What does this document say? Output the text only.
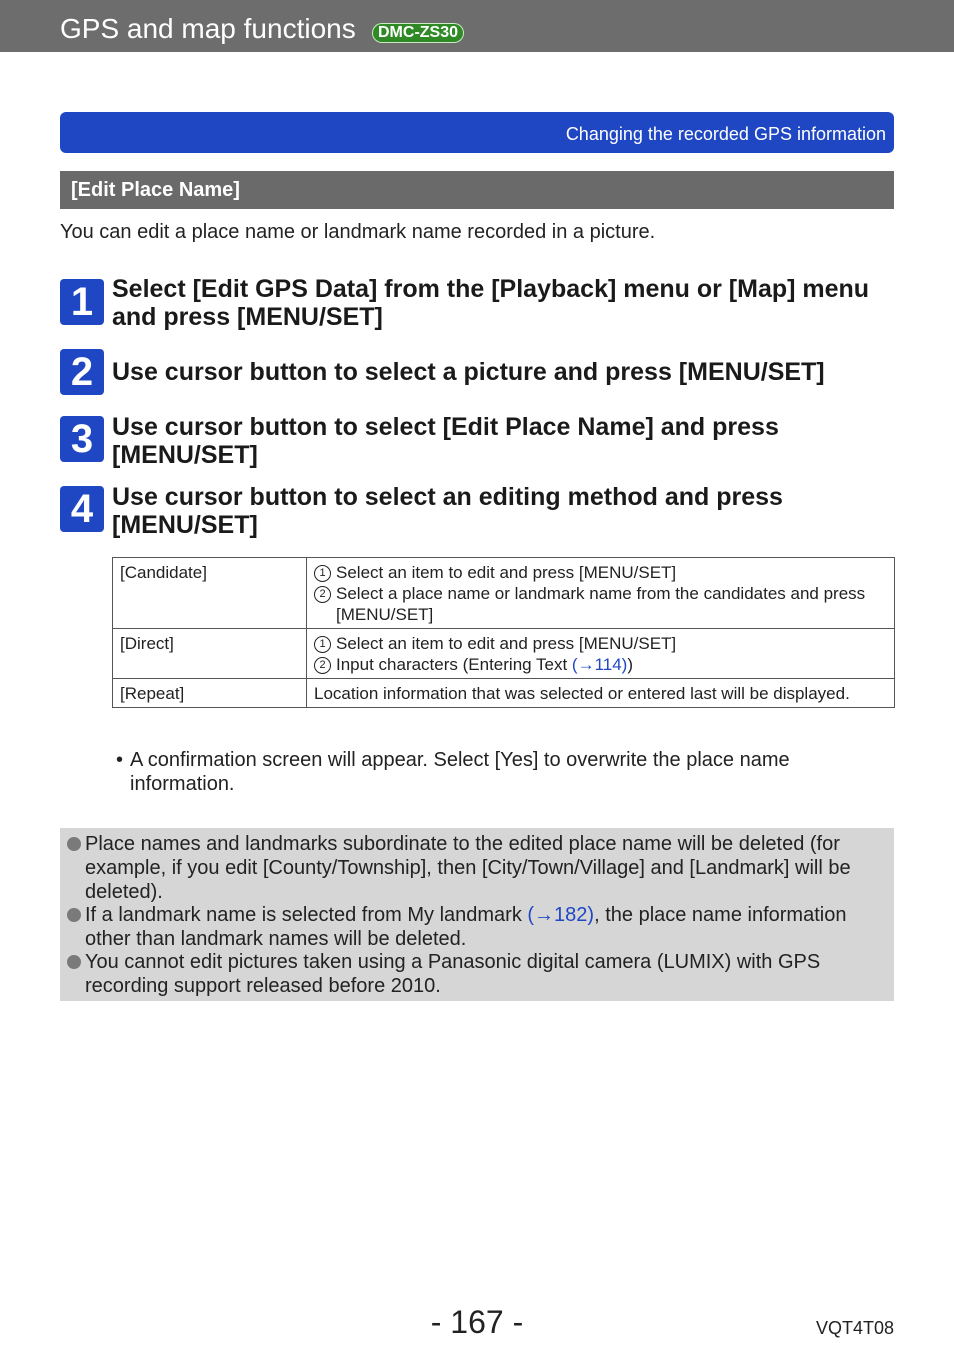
GPS and map functions	DMC-ZS30
Changing the recorded GPS information
[Edit Place Name]
You can edit a place name or landmark name recorded in a picture.
1 Select [Edit GPS Data] from the [Playback] menu or [Map] menu and press [MENU/SET]
2 Use cursor button to select a picture and press [MENU/SET]
3 Use cursor button to select [Edit Place Name] and press [MENU/SET]
4 Use cursor button to select an editing method and press [MENU/SET]
[Candidate]	1 Select an item to edit and press [MENU/SET]
2 Select a place name or landmark name from the candidates and press [MENU/SET]

[Direct]	1 Select an item to edit and press [MENU/SET]
2 Input characters (Entering Text (→114))

[Repeat]	Location information that was selected or entered last will be displayed.
• A confirmation screen will appear. Select [Yes] to overwrite the place name information.
Place names and landmarks subordinate to the edited place name will be deleted (for example, if you edit [County/Township], then [City/Town/Village] and [Landmark] will be deleted).
If a landmark name is selected from My landmark (→182), the place name information other than landmark names will be deleted.
You cannot edit pictures taken using a Panasonic digital camera (LUMIX) with GPS recording support released before 2010.
- 167 -	VQT4T08
